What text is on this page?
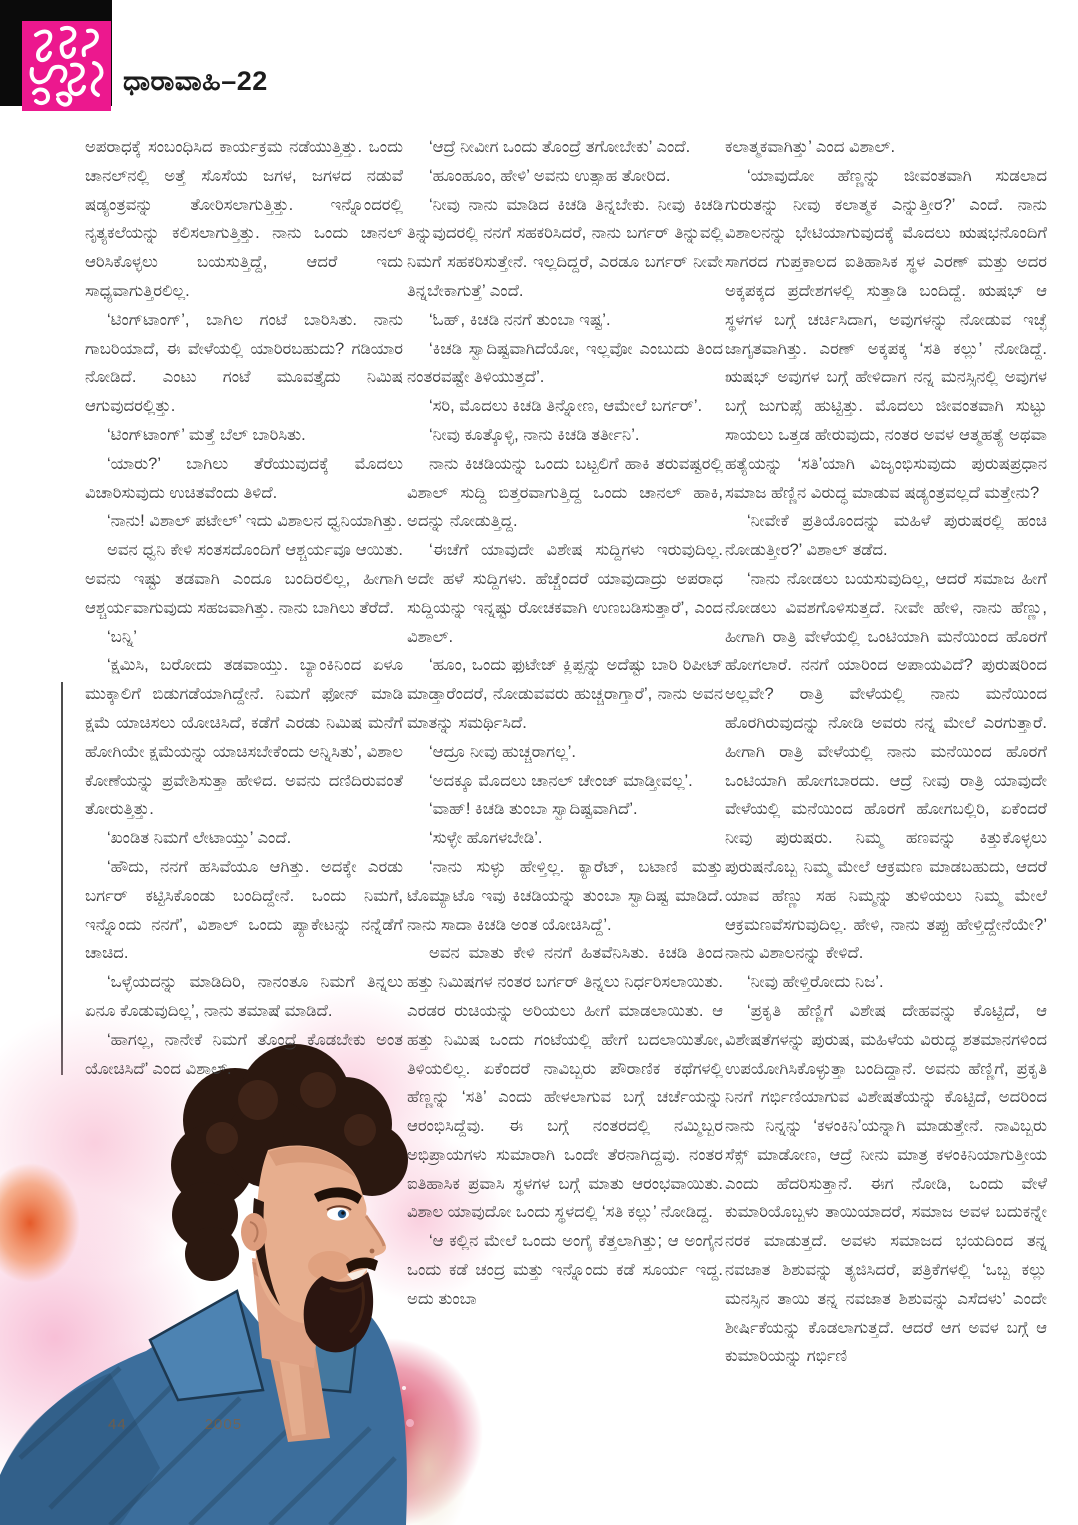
ಧಾರಾವಾಹಿ–22

ಅಪರಾಧಕ್ಕೆ ಸಂಬಂಧಿಸಿದ ಕಾರ್ಯಕ್ರಮ ನಡೆಯುತ್ತಿತ್ತು. ಒಂದು ಚಾನಲ್‌ನಲ್ಲಿ ಅತ್ತೆ ಸೊಸೆಯ ಜಗಳ, ಜಗಳದ ನಡುವೆ ಷಡ್ಯಂತ್ರವನ್ನು ತೋರಿಸಲಾಗುತ್ತಿತ್ತು. ಇನ್ನೊಂದರಲ್ಲಿ ನೃತ್ಯಕಲೆಯನ್ನು ಕಲಿಸಲಾಗುತ್ತಿತ್ತು. ನಾನು ಒಂದು ಚಾನಲ್ ಆರಿಸಿಕೊಳ್ಳಲು ಬಯಸುತ್ತಿದ್ದೆ, ಆದರೆ ಇದು ಸಾಧ್ಯವಾಗುತ್ತಿರಲಿಲ್ಲ.

‘ಟಿಂಗ್‌ಟಾಂಗ್’, ಬಾಗಿಲ ಗಂಟೆ ಬಾರಿಸಿತು. ನಾನು ಗಾಬರಿಯಾದೆ, ಈ ವೇಳೆಯಲ್ಲಿ ಯಾರಿರಬಹುದು? ಗಡಿಯಾರ ನೋಡಿದೆ. ಎಂಟು ಗಂಟೆ ಮೂವತ್ತೈದು ನಿಮಿಷ ಆಗುವುದರಲ್ಲಿತ್ತು.

‘ಟಿಂಗ್‌ಟಾಂಗ್’ ಮತ್ತೆ ಬೆಲ್ ಬಾರಿಸಿತು.

‘ಯಾರು?’ ಬಾಗಿಲು ತೆರೆಯುವುದಕ್ಕೆ ಮೊದಲು ವಿಚಾರಿಸುವುದು ಉಚಿತವೆಂದು ತಿಳಿದೆ.

‘ನಾನು! ವಿಶಾಲ್ ಪಟೇಲ್’ ಇದು ವಿಶಾಲನ ಧ್ವನಿಯಾಗಿತ್ತು.

ಅವನ ಧ್ವನಿ ಕೇಳಿ ಸಂತಸದೊಂದಿಗೆ ಆಶ್ಚರ್ಯವೂ ಆಯಿತು. ಅವನು ಇಷ್ಟು ತಡವಾಗಿ ಎಂದೂ ಬಂದಿರಲಿಲ್ಲ, ಹೀಗಾಗಿ ಆಶ್ಚರ್ಯವಾಗುವುದು ಸಹಜವಾಗಿತ್ತು. ನಾನು ಬಾಗಿಲು ತೆರೆದೆ.

‘ಬನ್ನಿ’

‘ಕ್ಷಮಿಸಿ, ಬರೋದು ತಡವಾಯ್ತು. ಬ್ಯಾಂಕಿನಿಂದ ಏಳೂ ಮುಕ್ಕಾಲಿಗೆ ಬಿಡುಗಡೆಯಾಗಿದ್ದೇನೆ. ನಿಮಗೆ ಫೋನ್ ಮಾಡಿ ಕ್ಷಮೆ ಯಾಚಿಸಲು ಯೋಚಿಸಿದೆ, ಕಡೆಗೆ ಎರಡು ನಿಮಿಷ ಮನೆಗೆ ಹೋಗಿಯೇ ಕ್ಷಮೆಯನ್ನು ಯಾಚಿಸಬೇಕೆಂದು ಅನ್ನಿಸಿತು’, ವಿಶಾಲ ಕೋಣೆಯನ್ನು ಪ್ರವೇಶಿಸುತ್ತಾ ಹೇಳಿದ. ಅವನು ದಣಿದಿರುವಂತೆ ತೋರುತ್ತಿತ್ತು.

‘ಖಂಡಿತ ನಿಮಗೆ ಲೇಟಾಯ್ತು’ ಎಂದೆ.

‘ಹೌದು, ನನಗೆ ಹಸಿವೆಯೂ ಆಗಿತ್ತು. ಅದಕ್ಕೇ ಎರಡು ಬರ್ಗರ್ ಕಟ್ಟಿಸಿಕೊಂಡು ಬಂದಿದ್ದೇನೆ. ಒಂದು ನಿಮಗೆ, ಇನ್ನೊಂದು ನನಗೆ’, ವಿಶಾಲ್ ಒಂದು ಪ್ಯಾಕೇಟನ್ನು ನನ್ನೆಡೆಗೆ ಚಾಚಿದ.

‘ಒಳ್ಳೆಯದನ್ನು ಮಾಡಿದಿರಿ, ನಾನಂತೂ ನಿಮಗೆ ತಿನ್ನಲು ಏನೂ ಕೊಡುವುದಿಲ್ಲ’, ನಾನು ತಮಾಷೆ ಮಾಡಿದೆ.

‘ಹಾಗಲ್ಲ, ನಾನೇಕೆ ನಿಮಗೆ ತೊಂದ್ರೆ ಕೊಡಬೇಕು ಅಂತ ಯೋಚಿಸಿದೆ’ ಎಂದ ವಿಶಾಲ್.

‘ಆದ್ರೆ ನೀವೀಗ ಒಂದು ತೊಂದ್ರೆ ತಗೋಬೇಕು’ ಎಂದೆ.

‘ಹೂಂಹೂಂ, ಹೇಳಿ’ ಅವನು ಉತ್ಸಾಹ ತೋರಿದ.

‘ನೀವು ನಾನು ಮಾಡಿದ ಕಿಚಡಿ ತಿನ್ನಬೇಕು. ನೀವು ಕಿಚಡಿ ತಿನ್ನುವುದರಲ್ಲಿ ನನಗೆ ಸಹಕರಿಸಿದರೆ, ನಾನು ಬರ್ಗರ್ ತಿನ್ನುವಲ್ಲಿ ನಿಮಗೆ ಸಹಕರಿಸುತ್ತೇನೆ. ಇಲ್ಲದಿದ್ದರೆ, ಎರಡೂ ಬರ್ಗರ್ ನೀವೇ ತಿನ್ನಬೇಕಾಗುತ್ತೆ’ ಎಂದೆ.

‘ಓಹ್, ಕಿಚಡಿ ನನಗೆ ತುಂಬಾ ಇಷ್ಟ’.

‘ಕಿಚಡಿ ಸ್ವಾದಿಷ್ಟವಾಗಿದೆಯೋ, ಇಲ್ಲವೋ ಎಂಬುದು ತಿಂದ ನಂತರವಷ್ಟೇ ತಿಳಿಯುತ್ತದೆ’.

‘ಸರಿ, ಮೊದಲು ಕಿಚಡಿ ತಿನ್ನೋಣ, ಆಮೇಲೆ ಬರ್ಗರ್’.

‘ನೀವು ಕೂತ್ಕೊಳ್ಳಿ, ನಾನು ಕಿಚಡಿ ತರ್ತೀನಿ’.

ನಾನು ಕಿಚಡಿಯನ್ನು ಒಂದು ಬಟ್ಟಲಿಗೆ ಹಾಕಿ ತರುವಷ್ಟರಲ್ಲಿ ವಿಶಾಲ್ ಸುದ್ದಿ ಬಿತ್ತರವಾಗುತ್ತಿದ್ದ ಒಂದು ಚಾನಲ್ ಹಾಕಿ, ಅದನ್ನು ನೋಡುತ್ತಿದ್ದ.

‘ಈಚೆಗೆ ಯಾವುದೇ ವಿಶೇಷ ಸುದ್ದಿಗಳು ಇರುವುದಿಲ್ಲ. ಅದೇ ಹಳೆ ಸುದ್ದಿಗಳು. ಹೆಚ್ಚೆಂದರೆ ಯಾವುದಾದ್ರು ಅಪರಾಧ ಸುದ್ದಿಯನ್ನು ಇನ್ನಷ್ಟು ರೋಚಕವಾಗಿ ಉಣಬಡಿಸುತ್ತಾರೆ’, ಎಂದ ವಿಶಾಲ್.

‘ಹೂಂ, ಒಂದು ಫುಟೇಜ್ ಕ್ಲಿಪ್ಪನ್ನು ಅದೆಷ್ಟು ಬಾರಿ ರಿಪೀಟ್ ಮಾಡ್ತಾರೆಂದರೆ, ನೋಡುವವರು ಹುಚ್ಚರಾಗ್ತಾರೆ’, ನಾನು ಅವನ ಮಾತನ್ನು ಸಮರ್ಥಿಸಿದೆ.

‘ಆದ್ರೂ ನೀವು ಹುಚ್ಚರಾಗಲ್ಲ’.

‘ಅದಕ್ಕೂ ಮೊದಲು ಚಾನಲ್ ಚೇಂಜ್ ಮಾಡ್ತೀವಲ್ಲ’.

‘ವಾಹ್! ಕಿಚಡಿ ತುಂಬಾ ಸ್ವಾದಿಷ್ಟವಾಗಿದೆ’.

‘ಸುಳ್ಳೇ ಹೊಗಳಬೇಡಿ’.

‘ನಾನು ಸುಳ್ಳು ಹೇಳ್ತಿಲ್ಲ. ಕ್ಯಾರೆಟ್, ಬಟಾಣಿ ಮತ್ತು ಟೊಮ್ಯಾಟೊ ಇವು ಕಿಚಡಿಯನ್ನು ತುಂಬಾ ಸ್ವಾದಿಷ್ಟ ಮಾಡಿದೆ. ನಾನು ಸಾದಾ ಕಿಚಡಿ ಅಂತ ಯೋಚಿಸಿದ್ದೆ’.

ಅವನ ಮಾತು ಕೇಳಿ ನನಗೆ ಹಿತವೆನಿಸಿತು. ಕಿಚಡಿ ತಿಂದ ಹತ್ತು ನಿಮಿಷಗಳ ನಂತರ ಬರ್ಗರ್ ತಿನ್ನಲು ನಿರ್ಧರಿಸಲಾಯಿತು. ಎರಡರ ರುಚಿಯನ್ನು ಅರಿಯಲು ಹೀಗೆ ಮಾಡಲಾಯಿತು. ಆ ಹತ್ತು ನಿಮಿಷ ಒಂದು ಗಂಟೆಯಲ್ಲಿ ಹೇಗೆ ಬದಲಾಯಿತೋ, ತಿಳಿಯಲಿಲ್ಲ. ಏಕೆಂದರೆ ನಾವಿಬ್ಬರು ಪೌರಾಣಿಕ ಕಥೆಗಳಲ್ಲಿ ಹೆಣ್ಣನ್ನು ‘ಸತಿ’ ಎಂದು ಹೇಳಲಾಗುವ ಬಗ್ಗೆ ಚರ್ಚೆಯನ್ನು ಆರಂಭಿಸಿದ್ದೆವು. ಈ ಬಗ್ಗೆ ನಂತರದಲ್ಲಿ ನಮ್ಮಿಬ್ಬರ ಅಭಿಪ್ರಾಯಗಳು ಸುಮಾರಾಗಿ ಒಂದೇ ತೆರನಾಗಿದ್ದವು. ನಂತರ ಐತಿಹಾಸಿಕ ಪ್ರವಾಸಿ ಸ್ಥಳಗಳ ಬಗ್ಗೆ ಮಾತು ಆರಂಭವಾಯಿತು. ವಿಶಾಲ ಯಾವುದೋ ಒಂದು ಸ್ಥಳದಲ್ಲಿ ‘ಸತಿ ಕಲ್ಲು’ ನೋಡಿದ್ದ.

‘ಆ ಕಲ್ಲಿನ ಮೇಲೆ ಒಂದು ಅಂಗೈ ಕೆತ್ತಲಾಗಿತ್ತು; ಆ ಅಂಗೈನ ಒಂದು ಕಡೆ ಚಂದ್ರ ಮತ್ತು ಇನ್ನೊಂದು ಕಡೆ ಸೂರ್ಯ ಇದ್ದ. ಅದು ತುಂಬಾ

ಕಲಾತ್ಮಕವಾಗಿತ್ತು’ ಎಂದ ವಿಶಾಲ್.

‘ಯಾವುದೋ ಹೆಣ್ಣನ್ನು ಜೀವಂತವಾಗಿ ಸುಡಲಾದ ಗುರುತನ್ನು ನೀವು ಕಲಾತ್ಮಕ ಎನ್ನುತ್ತೀರ?’ ಎಂದೆ. ನಾನು ವಿಶಾಲನನ್ನು ಭೇಟಿಯಾಗುವುದಕ್ಕೆ ಮೊದಲು ಋಷಭನೊಂದಿಗೆ ಸಾಗರದ ಗುಪ್ತಕಾಲದ ಐತಿಹಾಸಿಕ ಸ್ಥಳ ಎರಣ್ ಮತ್ತು ಅದರ ಅಕ್ಕಪಕ್ಕದ ಪ್ರದೇಶಗಳಲ್ಲಿ ಸುತ್ತಾಡಿ ಬಂದಿದ್ದೆ. ಋಷಭ್ ಆ ಸ್ಥಳಗಳ ಬಗ್ಗೆ ಚರ್ಚಿಸಿದಾಗ, ಅವುಗಳನ್ನು ನೋಡುವ ಇಚ್ಛೆ ಜಾಗೃತವಾಗಿತ್ತು. ಎರಣ್ ಅಕ್ಕಪಕ್ಕ ‘ಸತಿ ಕಲ್ಲು’ ನೋಡಿದ್ದೆ. ಋಷಭ್ ಅವುಗಳ ಬಗ್ಗೆ ಹೇಳಿದಾಗ ನನ್ನ ಮನಸ್ಸಿನಲ್ಲಿ ಅವುಗಳ ಬಗ್ಗೆ ಜುಗುಪ್ಸೆ ಹುಟ್ಟಿತ್ತು. ಮೊದಲು ಜೀವಂತವಾಗಿ ಸುಟ್ಟು ಸಾಯಲು ಒತ್ತಡ ಹೇರುವುದು, ನಂತರ ಅವಳ ಆತ್ಮಹತ್ಯೆ ಅಥವಾ ಹತ್ಯೆಯನ್ನು ‘ಸತಿ’ಯಾಗಿ ವಿಜೃಂಭಿಸುವುದು ಪುರುಷಪ್ರಧಾನ ಸಮಾಜ ಹೆಣ್ಣಿನ ವಿರುದ್ಧ ಮಾಡುವ ಷಡ್ಯಂತ್ರವಲ್ಲದೆ ಮತ್ತೇನು?

‘ನೀವೇಕೆ ಪ್ರತಿಯೊಂದನ್ನು ಮಹಿಳೆ ಪುರುಷರಲ್ಲಿ ಹಂಚಿ ನೋಡುತ್ತೀರ?’ ವಿಶಾಲ್ ತಡೆದ.

‘ನಾನು ನೋಡಲು ಬಯಸುವುದಿಲ್ಲ, ಆದರೆ ಸಮಾಜ ಹೀಗೆ ನೋಡಲು ವಿವಶಗೊಳಿಸುತ್ತದೆ. ನೀವೇ ಹೇಳಿ, ನಾನು ಹೆಣ್ಣು, ಹೀಗಾಗಿ ರಾತ್ರಿ ವೇಳೆಯಲ್ಲಿ ಒಂಟಿಯಾಗಿ ಮನೆಯಿಂದ ಹೊರಗೆ ಹೋಗಲಾರೆ. ನನಗೆ ಯಾರಿಂದ ಅಪಾಯವಿದೆ? ಪುರುಷರಿಂದ ಅಲ್ಲವೇ? ರಾತ್ರಿ ವೇಳೆಯಲ್ಲಿ ನಾನು ಮನೆಯಿಂದ ಹೊರಗಿರುವುದನ್ನು ನೋಡಿ ಅವರು ನನ್ನ ಮೇಲೆ ಎರಗುತ್ತಾರೆ. ಹೀಗಾಗಿ ರಾತ್ರಿ ವೇಳೆಯಲ್ಲಿ ನಾನು ಮನೆಯಿಂದ ಹೊರಗೆ ಒಂಟಿಯಾಗಿ ಹೋಗಬಾರದು. ಆದ್ರೆ ನೀವು ರಾತ್ರಿ ಯಾವುದೇ ವೇಳೆಯಲ್ಲಿ ಮನೆಯಿಂದ ಹೊರಗೆ ಹೋಗಬಲ್ಲಿರಿ, ಏಕೆಂದರೆ ನೀವು ಪುರುಷರು. ನಿಮ್ಮ ಹಣವನ್ನು ಕಿತ್ತುಕೊಳ್ಳಲು ಪುರುಷನೊಬ್ಬ ನಿಮ್ಮ ಮೇಲೆ ಆಕ್ರಮಣ ಮಾಡಬಹುದು, ಆದರೆ ಯಾವ ಹೆಣ್ಣು ಸಹ ನಿಮ್ಮನ್ನು ತುಳಿಯಲು ನಿಮ್ಮ ಮೇಲೆ ಆಕ್ರಮಣವೆಸಗುವುದಿಲ್ಲ. ಹೇಳಿ, ನಾನು ತಪ್ಪು ಹೇಳ್ತಿದ್ದೇನೆಯೇ?’ ನಾನು ವಿಶಾಲನನ್ನು ಕೇಳಿದೆ.

‘ನೀವು ಹೇಳ್ತಿರೋದು ನಿಜ’.

‘ಪ್ರಕೃತಿ ಹೆಣ್ಣಿಗೆ ವಿಶೇಷ ದೇಹವನ್ನು ಕೊಟ್ಟಿದೆ, ಆ ವಿಶೇಷತೆಗಳನ್ನು ಪುರುಷ, ಮಹಿಳೆಯ ವಿರುದ್ಧ ಶತಮಾನಗಳಿಂದ ಉಪಯೋಗಿಸಿಕೊಳ್ಳುತ್ತಾ ಬಂದಿದ್ದಾನೆ. ಅವನು ಹೆಣ್ಣಿಗೆ, ಪ್ರಕೃತಿ ನಿನಗೆ ಗರ್ಭಿಣಿಯಾಗುವ ವಿಶೇಷತೆಯನ್ನು ಕೊಟ್ಟಿದೆ, ಅದರಿಂದ ನಾನು ನಿನ್ನನ್ನು ‘ಕಳಂಕಿನಿ’ಯನ್ನಾಗಿ ಮಾಡುತ್ತೇನೆ. ನಾವಿಬ್ಬರು ಸೆಕ್ಸ್ ಮಾಡೋಣ, ಆದ್ರೆ ನೀನು ಮಾತ್ರ ಕಳಂಕಿನಿಯಾಗುತ್ತೀಯ ಎಂದು ಹೆದರಿಸುತ್ತಾನೆ. ಈಗ ನೋಡಿ, ಒಂದು ವೇಳೆ ಕುಮಾರಿಯೊಬ್ಬಳು ತಾಯಿಯಾದರೆ, ಸಮಾಜ ಅವಳ ಬದುಕನ್ನೇ ನರಕ ಮಾಡುತ್ತದೆ. ಅವಳು ಸಮಾಜದ ಭಯದಿಂದ ತನ್ನ ನವಜಾತ ಶಿಶುವನ್ನು ತ್ಯಜಿಸಿದರೆ, ಪತ್ರಿಕೆಗಳಲ್ಲಿ ‘ಒಬ್ಬ ಕಲ್ಲು ಮನಸ್ಸಿನ ತಾಯಿ ತನ್ನ ನವಜಾತ ಶಿಶುವನ್ನು ಎಸೆದಳು’ ಎಂದೇ ಶೀರ್ಷಿಕೆಯನ್ನು ಕೊಡಲಾಗುತ್ತದೆ. ಆದರೆ ಆಗ ಅವಳ ಬಗ್ಗೆ ಆ ಕುಮಾರಿಯನ್ನು ಗರ್ಭಿಣಿ

44	2005
